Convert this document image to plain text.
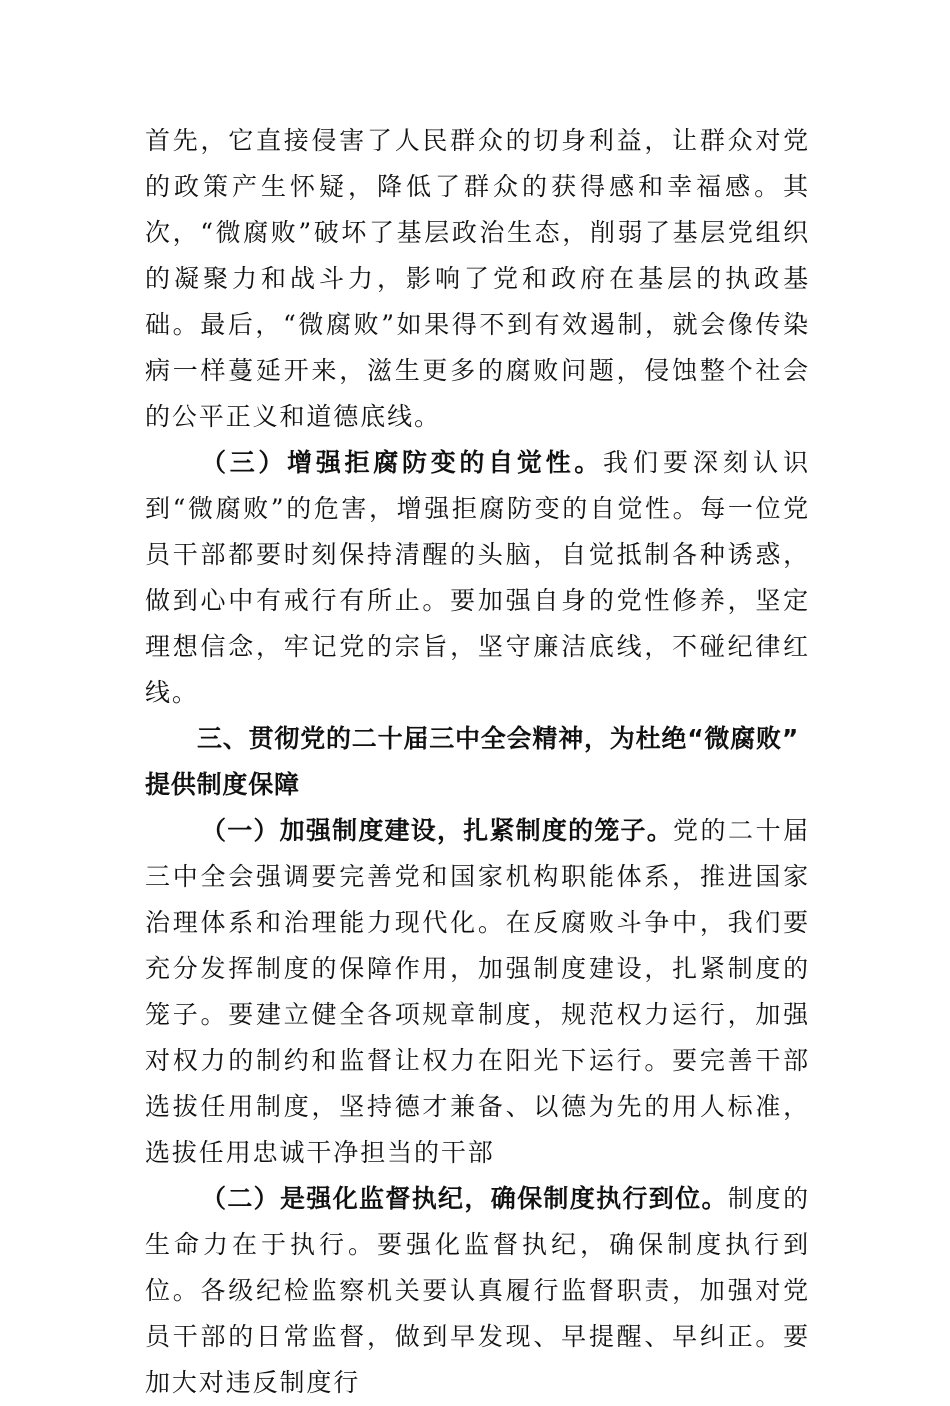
首先，它直接侵害了人民群众的切身利益，让群众对党的政策产生怀疑，降低了群众的获得感和幸福感。其次，“微腐败”破坏了基层政治生态，削弱了基层党组织的凝聚力和战斗力，影响了党和政府在基层的执政基础。最后，“微腐败”如果得不到有效遏制，就会像传染病一样蔓延开来，滋生更多的腐败问题，侵蚀整个社会的公平正义和道德底线。

（三）增强拒腐防变的自觉性。我们要深刻认识到“微腐败”的危害，增强拒腐防变的自觉性。每一位党员干部都要时刻保持清醒的头脑，自觉抵制各种诱惑，做到心中有戒行有所止。要加强自身的党性修养，坚定理想信念，牢记党的宗旨，坚守廉洁底线，不碰纪律红线。

三、贯彻党的二十届三中全会精神，为杜绝“微腐败”
提供制度保障

（一）加强制度建设，扎紧制度的笼子。党的二十届三中全会强调要完善党和国家机构职能体系，推进国家治理体系和治理能力现代化。在反腐败斗争中，我们要充分发挥制度的保障作用，加强制度建设，扎紧制度的笼子。要建立健全各项规章制度，规范权力运行，加强对权力的制约和监督让权力在阳光下运行。要完善干部选拔任用制度，坚持德才兼备、以德为先的用人标准，选拔任用忠诚干净担当的干部

（二）是强化监督执纪，确保制度执行到位。制度的生命力在于执行。要强化监督执纪，确保制度执行到位。各级纪检监察机关要认真履行监督职责，加强对党员干部的日常监督，做到早发现、早提醒、早纠正。要加大对违反制度行
